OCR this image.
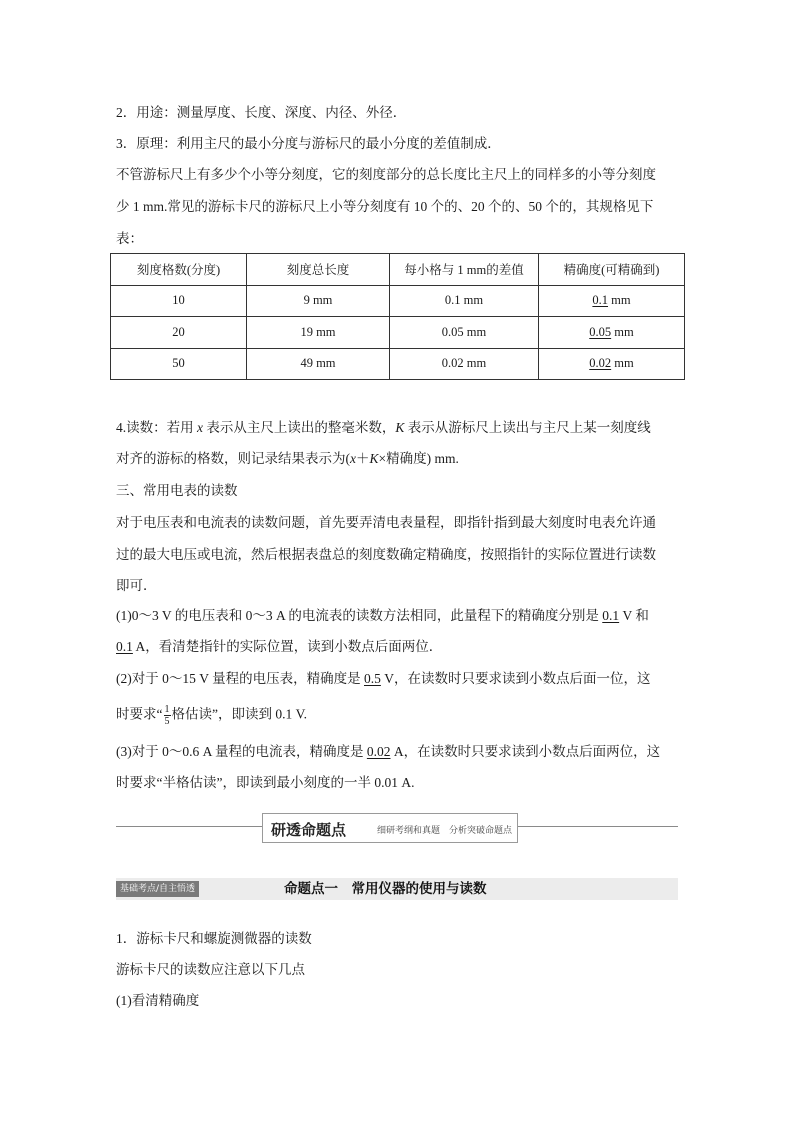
2．用途：测量厚度、长度、深度、内径、外径．
3．原理：利用主尺的最小分度与游标尺的最小分度的差值制成．
不管游标尺上有多少个小等分刻度，它的刻度部分的总长度比主尺上的同样多的小等分刻度
少 1 mm.常见的游标卡尺的游标尺上小等分刻度有 10 个的、20 个的、50 个的，其规格见下
表：
刻度格数(分度)	刻度总长度	每小格与 1 mm的差值	精确度(可精确到)
10	9 mm	0.1 mm	0.1 mm
20	19 mm	0.05 mm	0.05 mm
50	49 mm	0.02 mm	0.02 mm
4.读数：若用 x 表示从主尺上读出的整毫米数，K 表示从游标尺上读出与主尺上某一刻度线
对齐的游标的格数，则记录结果表示为(x＋K×精确度) mm.
三、常用电表的读数
对于电压表和电流表的读数问题，首先要弄清电表量程，即指针指到最大刻度时电表允许通
过的最大电压或电流，然后根据表盘总的刻度数确定精确度，按照指针的实际位置进行读数
即可．
(1)0～3 V 的电压表和 0～3 A 的电流表的读数方法相同，此量程下的精确度分别是 0.1 V 和
0.1 A，看清楚指针的实际位置，读到小数点后面两位．
(2)对于 0～15 V 量程的电压表，精确度是 0.5 V，在读数时只要求读到小数点后面一位，这
时要求“ $\frac{1}{5}$ 格估读”，即读到 0.1 V.
(3)对于 0～0.6 A 量程的电流表，精确度是 0.02 A，在读数时只要求读到小数点后面两位，这
时要求“半格估读”，即读到最小刻度的一半 0.01 A.
研透命题点	细研考纲和真题　分析突破命题点
基础考点/自主悟透	命题点一　常用仪器的使用与读数
1．游标卡尺和螺旋测微器的读数
游标卡尺的读数应注意以下几点
(1)看清精确度
